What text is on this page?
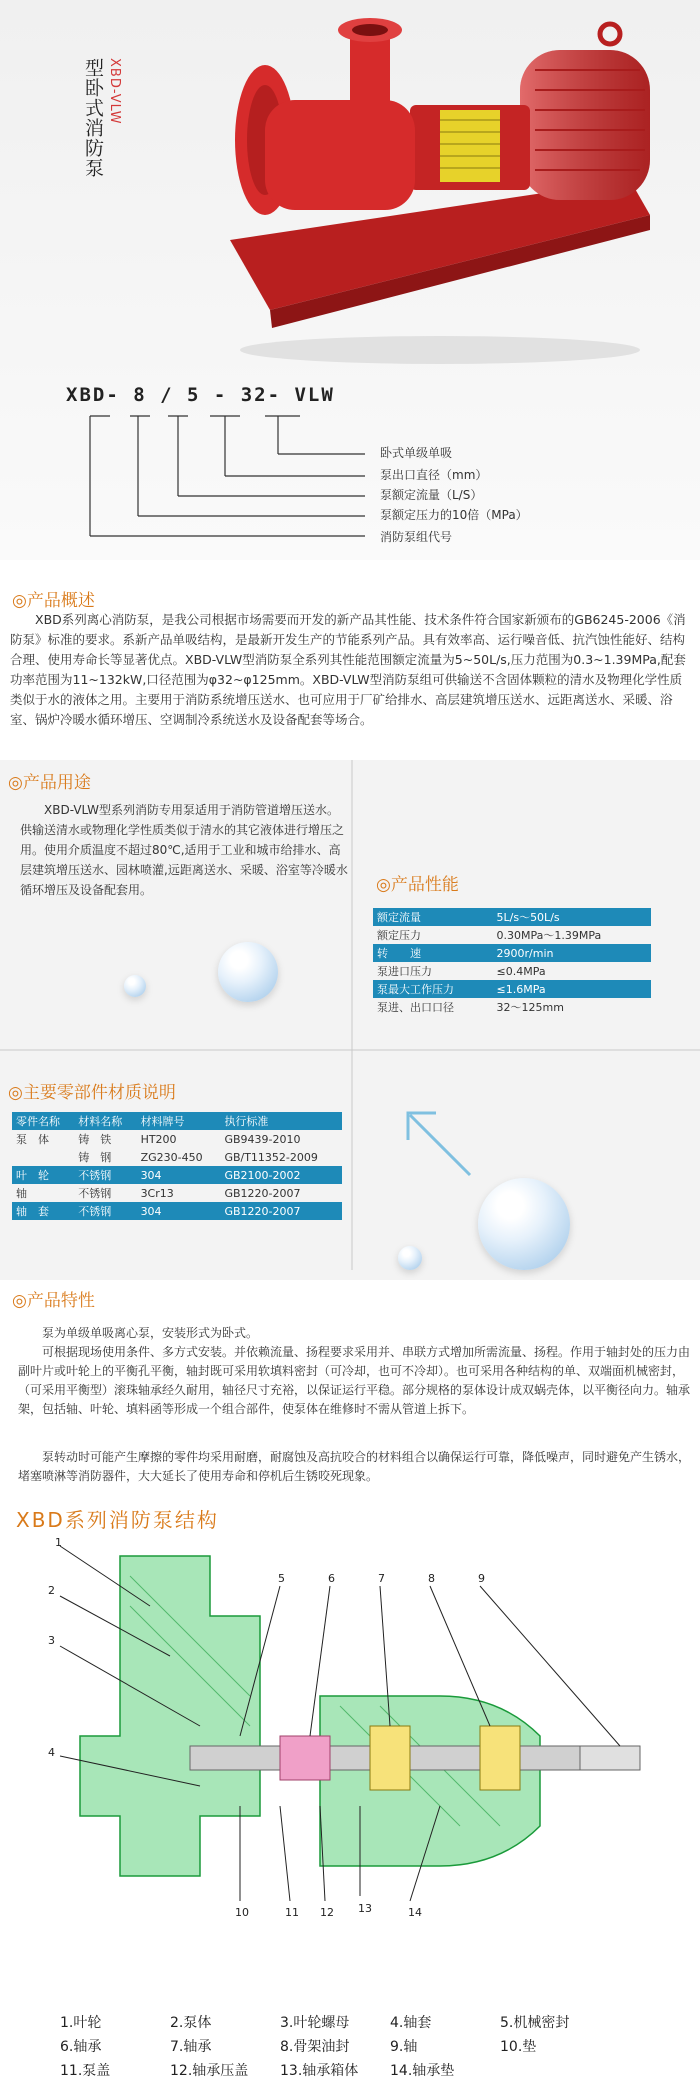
XBD-VLW
型卧式消防泵
XBD- 8 / 5 - 32- VLW
卧式单级单吸
泵出口直径（mm）
泵额定流量（L/S）
泵额定压力的10倍（MPa）
消防泵组代号
◎产品概述
XBD系列离心消防泵，是我公司根据市场需要而开发的新产品其性能、技术条件符合国家新颁布的GB6245-2006《消防泵》标准的要求。系新产品单吸结构，是最新开发生产的节能系列产品。具有效率高、运行噪音低、抗汽蚀性能好、结构合理、使用寿命长等显著优点。XBD-VLW型消防泵全系列其性能范围额定流量为5~50L/s,压力范围为0.3~1.39MPa,配套功率范围为11~132kW,口径范围为φ32~φ125mm。XBD-VLW型消防泵组可供输送不含固体颗粒的清水及物理化学性质类似于水的液体之用。主要用于消防系统增压送水、也可应用于厂矿给排水、高层建筑增压送水、远距离送水、采暖、浴室、锅炉冷暖水循环增压、空调制冷系统送水及设备配套等场合。
◎产品用途
XBD-VLW型系列消防专用泵适用于消防管道增压送水。供输送清水或物理化学性质类似于清水的其它液体进行增压之用。使用介质温度不超过80℃,适用于工业和城市给排水、高层建筑增压送水、园林喷灌,远距离送水、采暖、浴室等冷暖水循环增压及设备配套用。	◎产品性能
额定流量	5L/s～50L/s
额定压力	0.30MPa～1.39MPa
转　　速	2900r/min
泵进口压力	≤0.4MPa
泵最大工作压力	≤1.6MPa
泵进、出口口径	32～125mm
◎主要零部件材质说明
零件名称	材料名称	材料牌号	执行标准
泵　体	铸　铁	HT200	GB9439-2010
	铸　钢	ZG230-450	GB/T11352-2009
叶　轮	不锈钢	304	GB2100-2002
轴	不锈钢	3Cr13	GB1220-2007
轴　套	不锈钢	304	GB1220-2007
◎产品特性
泵为单级单吸离心泵，安装形式为卧式。
可根据现场使用条件、多方式安装。并依赖流量、扬程要求采用并、串联方式增加所需流量、扬程。作用于轴封处的压力由副叶片或叶轮上的平衡孔平衡，轴封既可采用软填料密封（可冷却，也可不冷却）。也可采用各种结构的单、双端面机械密封，（可采用平衡型）滚珠轴承经久耐用，轴径尺寸充裕，以保证运行平稳。部分规格的泵体设计成双蜗壳体，以平衡径向力。轴承架，包括轴、叶轮、填料函等形成一个组合部件，使泵体在维修时不需从管道上拆下。
泵转动时可能产生摩擦的零件均采用耐磨，耐腐蚀及高抗咬合的材料组合以确保运行可靠，降低噪声，同时避免产生锈水，堵塞喷淋等消防器件，大大延长了使用寿命和停机后生锈咬死现象。
XBD系列消防泵结构
1
2
3
4
5	6	7	8	9
10	11 12 13	14
1.叶轮	2.泵体	3.叶轮螺母	4.轴套	5.机械密封
6.轴承	7.轴承	8.骨架油封	9.轴	10.垫
11.泵盖	12.轴承压盖	13.轴承箱体	14.轴承垫
